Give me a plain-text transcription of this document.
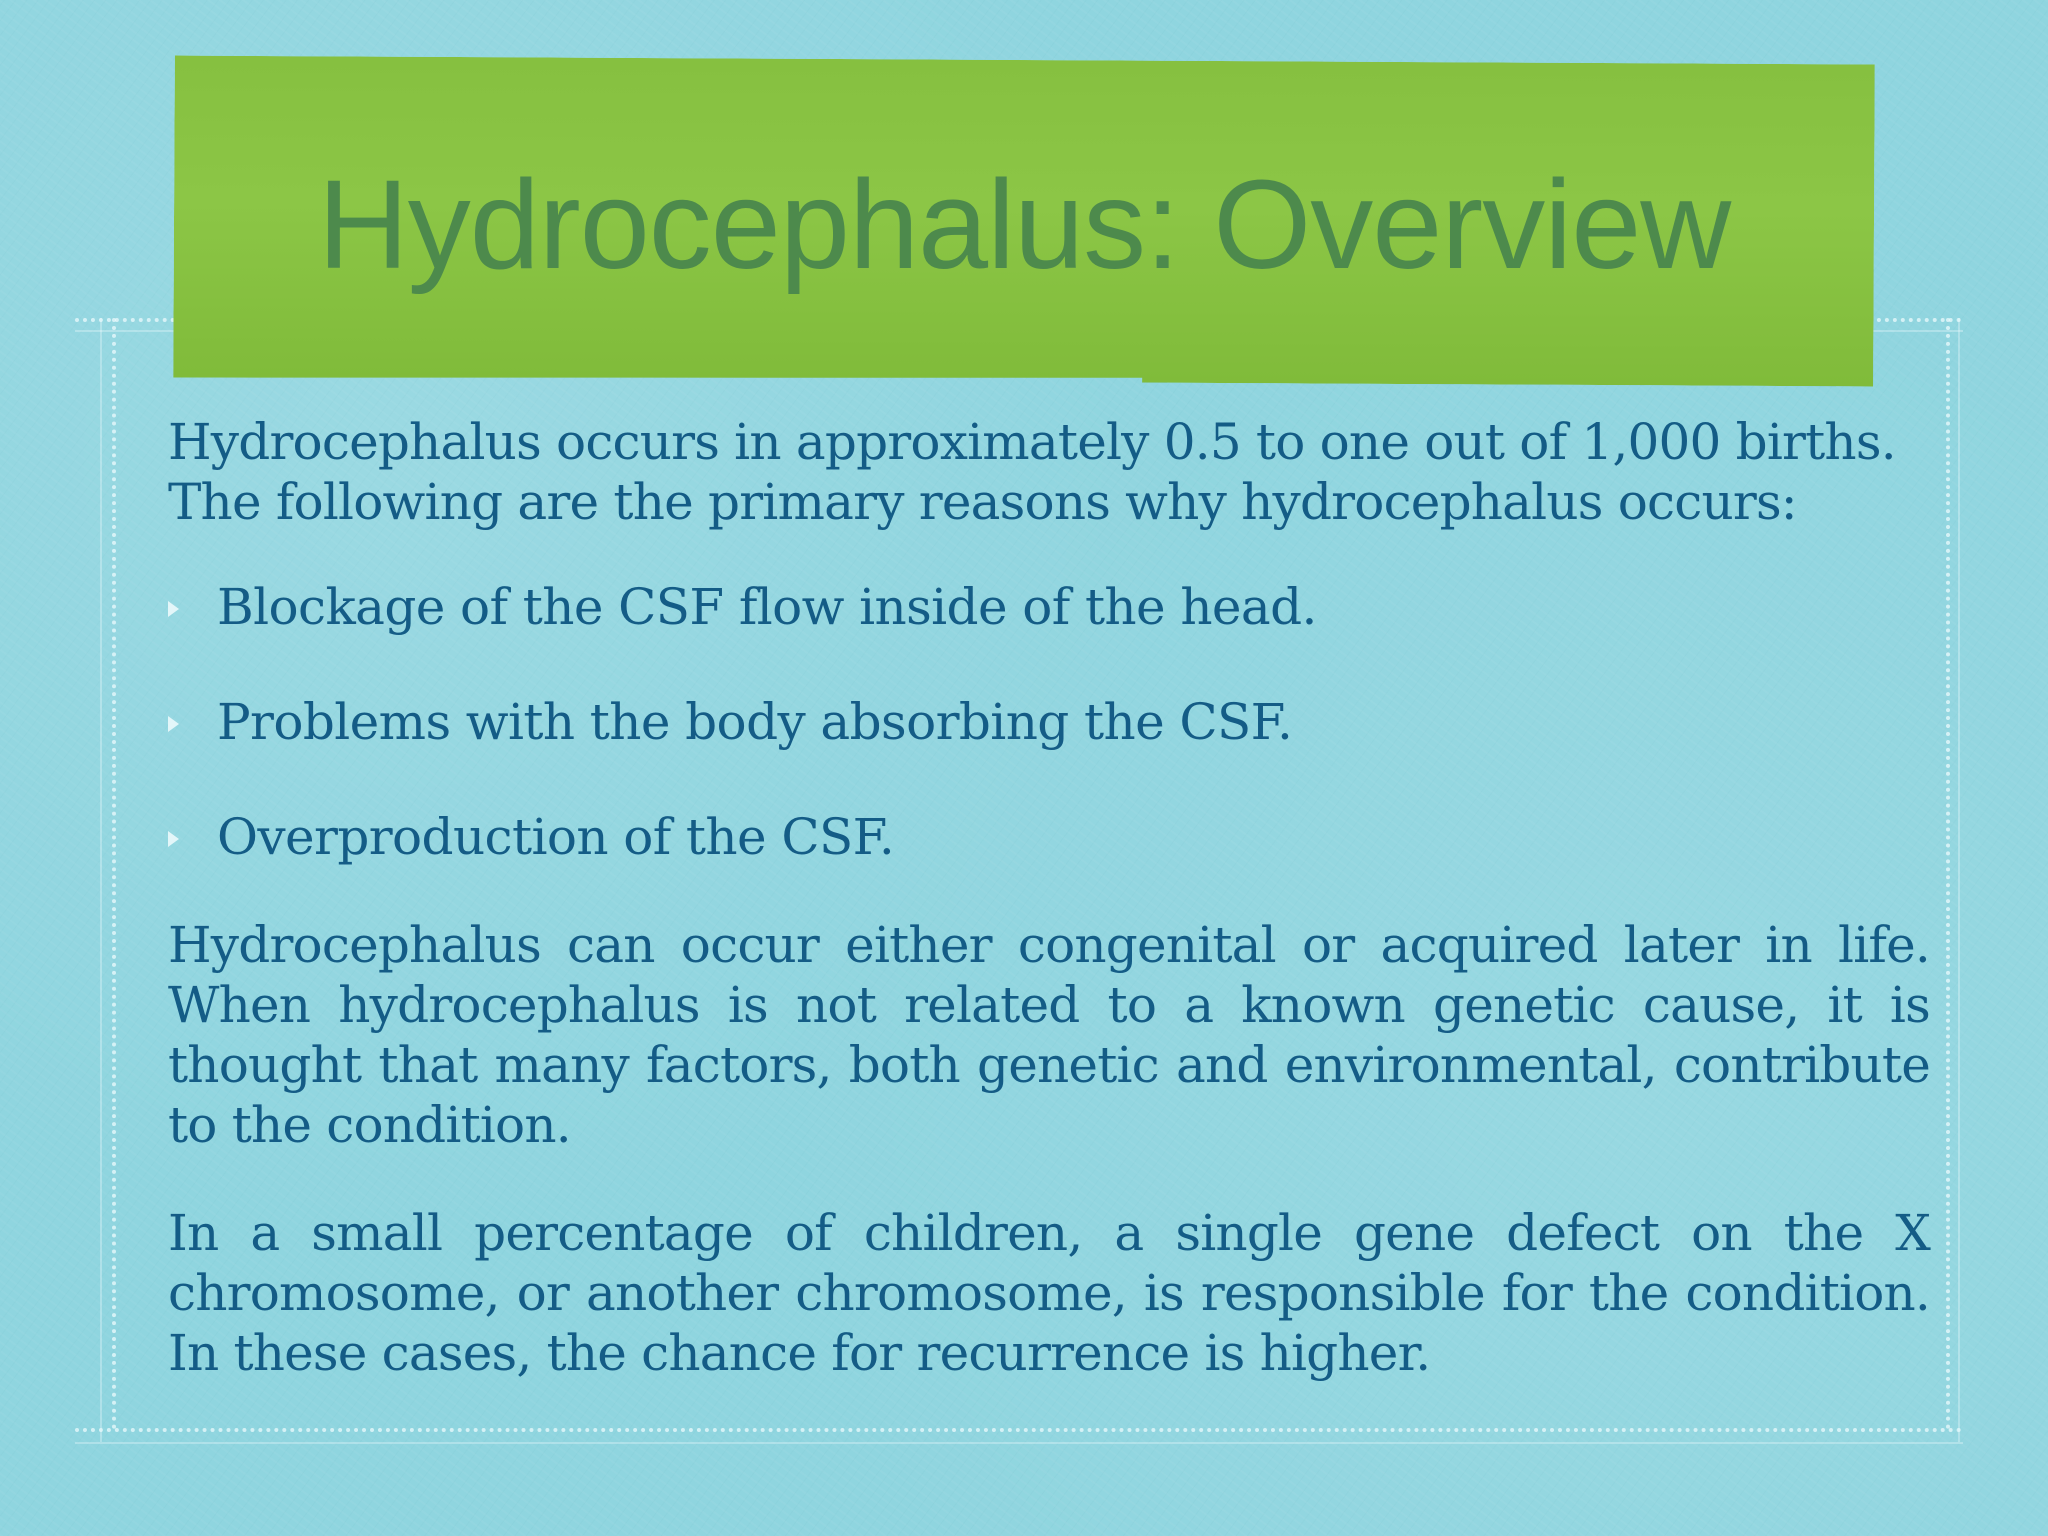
Hydrocephalus: Overview

Hydrocephalus occurs in approximately 0.5 to one out of 1,000 births. The following are the primary reasons why hydrocephalus occurs:

Blockage of the CSF flow inside of the head.
Problems with the body absorbing the CSF.
Overproduction of the CSF.

Hydrocephalus can occur either congenital or acquired later in life. When hydrocephalus is not related to a known genetic cause, it is thought that many factors, both genetic and environmental, contribute to the condition.

In a small percentage of children, a single gene defect on the X chromosome, or another chromosome, is responsible for the condition. In these cases, the chance for recurrence is higher.
